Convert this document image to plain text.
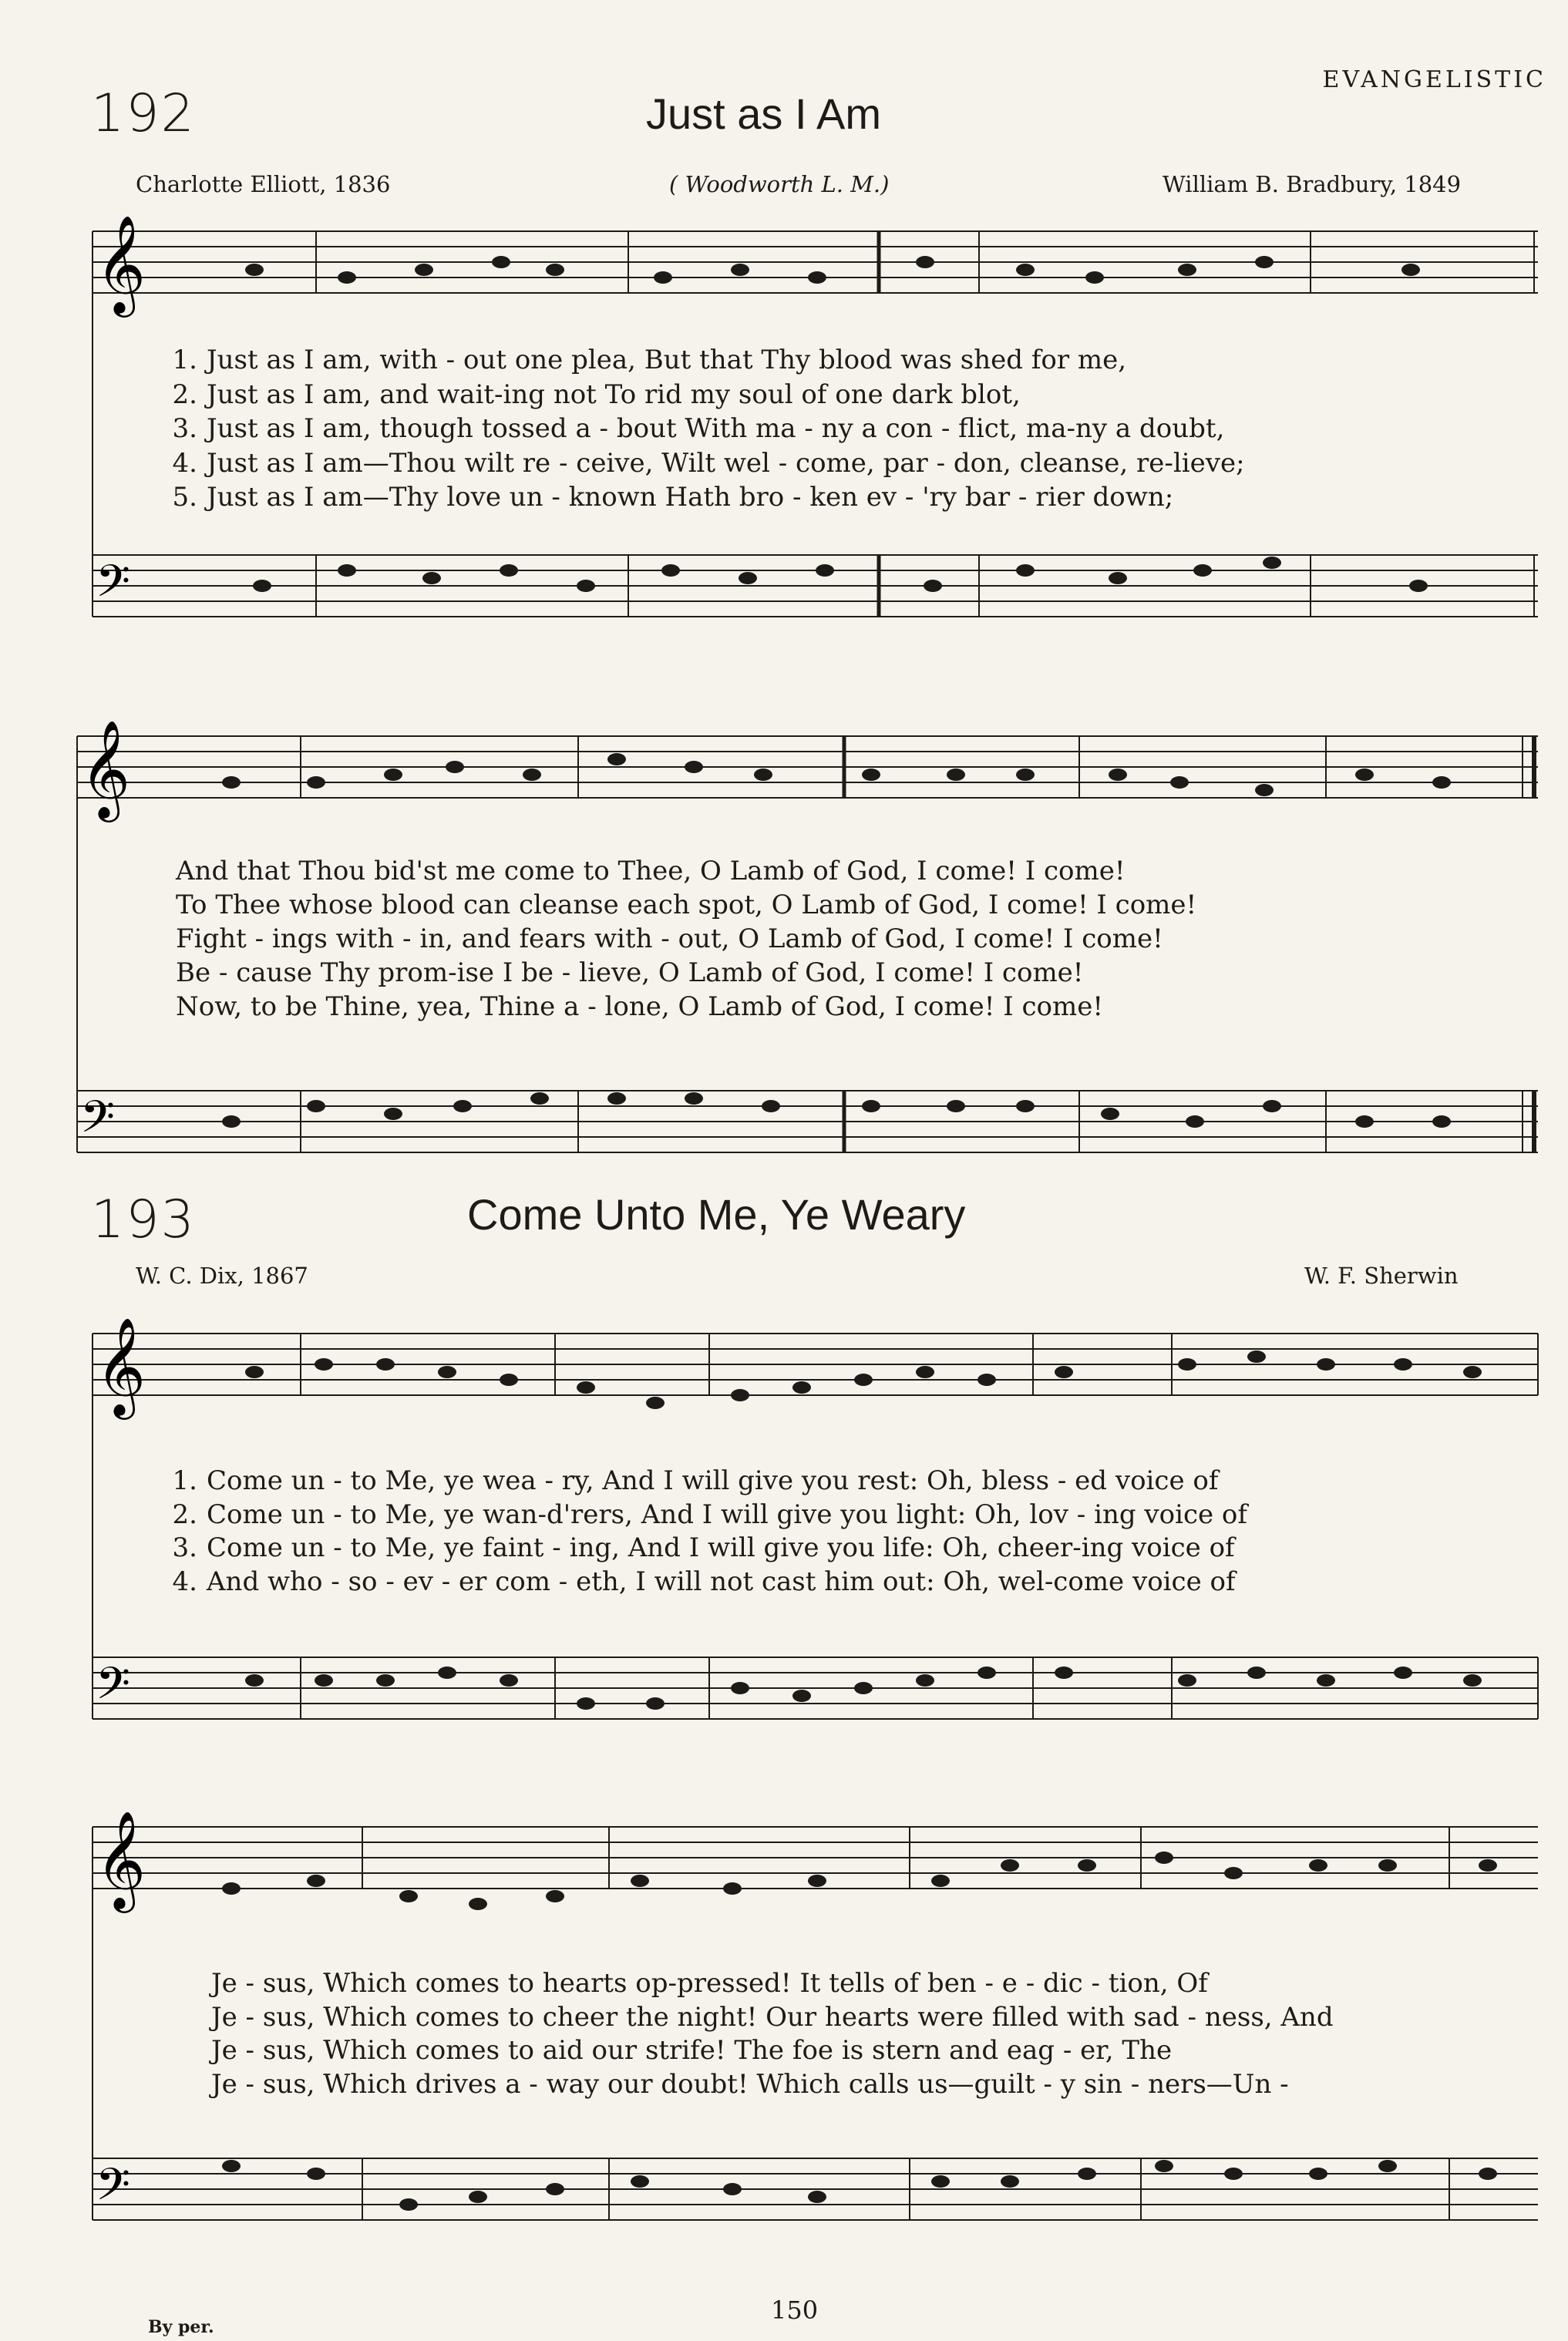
EVANGELISTIC
192	Just as I Am
Charlotte Elliott, 1836	( Woodworth L. M.)	William B. Bradbury, 1849
𝄞
𝄢
1. Just as I am, with - out one plea, But that Thy blood was shed for me,
2. Just as I am, and wait-ing not To rid my soul of one dark blot,
3. Just as I am, though tossed a - bout With ma - ny a con - flict, ma-ny a doubt,
4. Just as I am—Thou wilt re - ceive, Wilt wel - come, par - don, cleanse, re-lieve;
5. Just as I am—Thy love un - known Hath bro - ken ev - 'ry bar - rier down;
𝄞
𝄢
And that Thou bid'st me come to Thee, O Lamb of God, I come! I come!
To Thee whose blood can cleanse each spot, O Lamb of God, I come! I come!
Fight - ings with - in, and fears with - out, O Lamb of God, I come! I come!
Be - cause Thy prom-ise I be - lieve, O Lamb of God, I come! I come!
Now, to be Thine, yea, Thine a - lone, O Lamb of God, I come! I come!
193	Come Unto Me, Ye Weary
W. C. Dix, 1867	W. F. Sherwin
𝄞
𝄢
1. Come un - to Me, ye wea - ry, And I will give you rest: Oh, bless - ed voice of
2. Come un - to Me, ye wan-d'rers, And I will give you light: Oh, lov - ing voice of
3. Come un - to Me, ye faint - ing, And I will give you life: Oh, cheer-ing voice of
4. And who - so - ev - er com - eth, I will not cast him out: Oh, wel-come voice of
𝄞
𝄢
Je - sus, Which comes to hearts op-pressed! It tells of ben - e - dic - tion, Of
Je - sus, Which comes to cheer the night! Our hearts were filled with sad - ness, And
Je - sus, Which comes to aid our strife! The foe is stern and eag - er, The
Je - sus, Which drives a - way our doubt! Which calls us—guilt - y sin - ners—Un -
By per.
150
